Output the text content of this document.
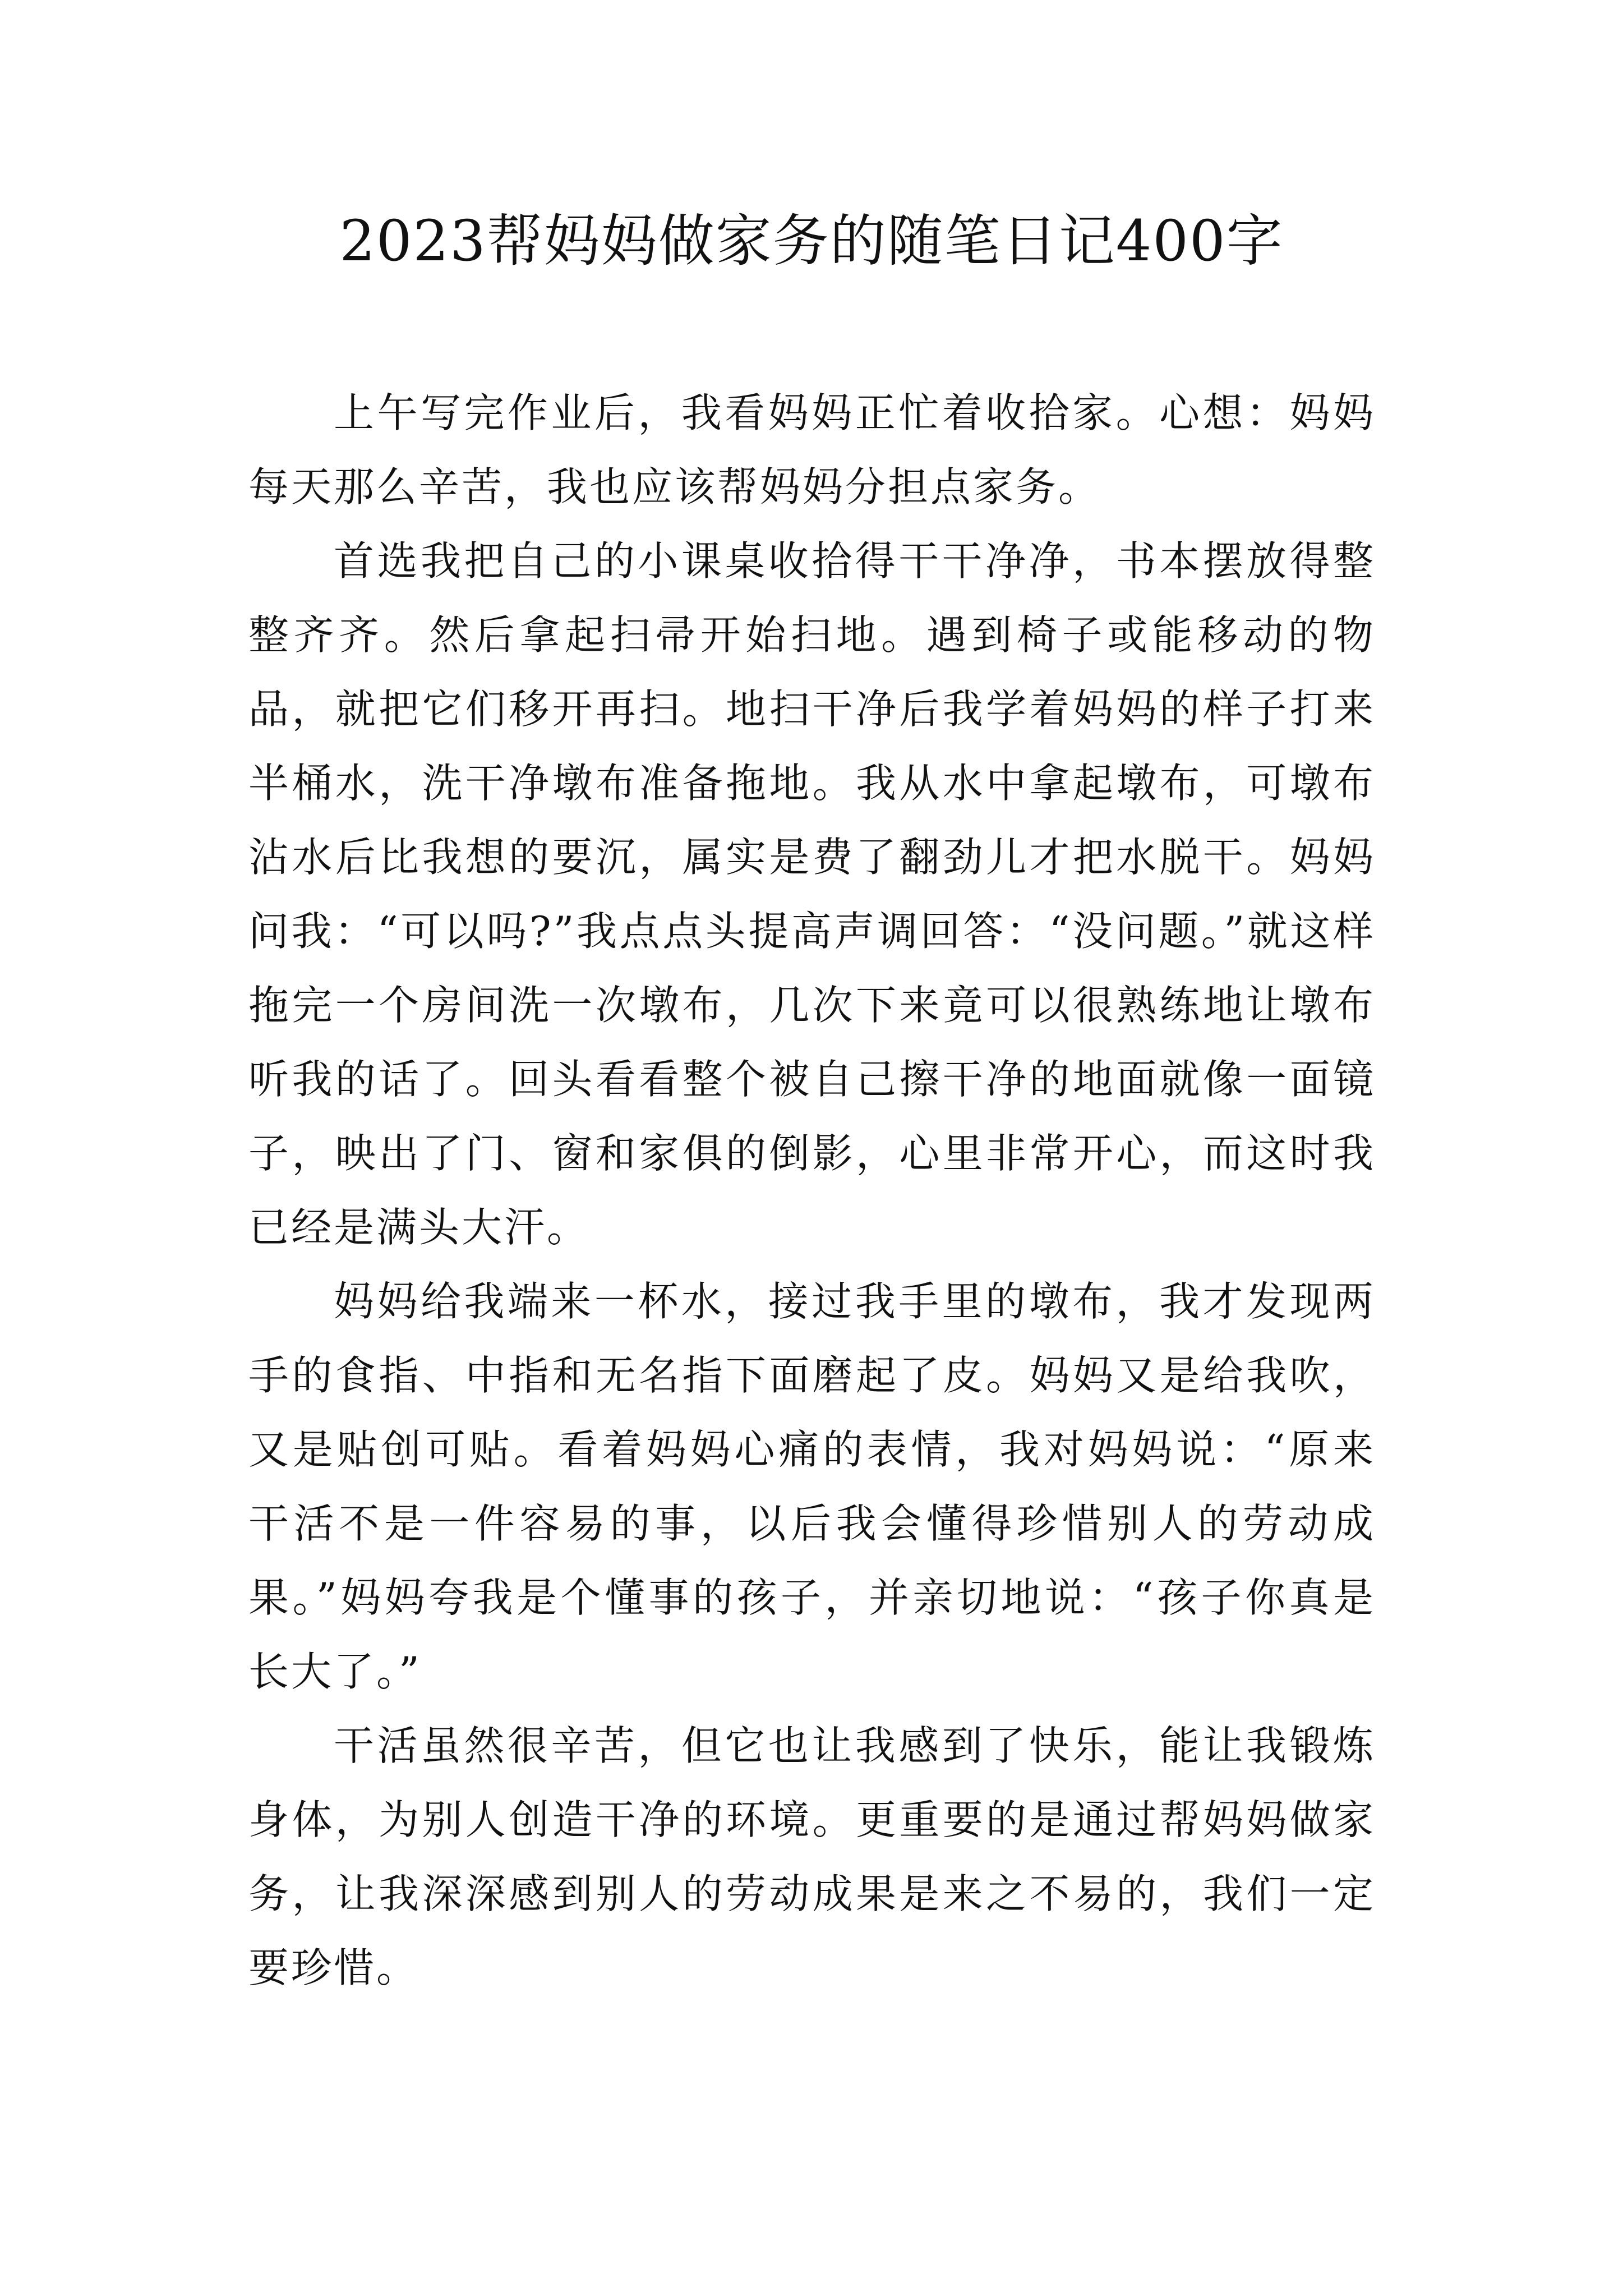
2023帮妈妈做家务的随笔日记400字

上午写完作业后，我看妈妈正忙着收拾家。心想：妈妈每天那么辛苦，我也应该帮妈妈分担点家务。

首选我把自己的小课桌收拾得干干净净，书本摆放得整整齐齐。然后拿起扫帚开始扫地。遇到椅子或能移动的物品，就把它们移开再扫。地扫干净后我学着妈妈的样子打来半桶水，洗干净墩布准备拖地。我从水中拿起墩布，可墩布沾水后比我想的要沉，属实是费了翻劲儿才把水脱干。妈妈问我：“可以吗?”我点点头提高声调回答：“没问题。”就这样拖完一个房间洗一次墩布，几次下来竟可以很熟练地让墩布听我的话了。回头看看整个被自己擦干净的地面就像一面镜子，映出了门、窗和家俱的倒影，心里非常开心，而这时我已经是满头大汗。

妈妈给我端来一杯水，接过我手里的墩布，我才发现两手的食指、中指和无名指下面磨起了皮。妈妈又是给我吹，又是贴创可贴。看着妈妈心痛的表情，我对妈妈说：“原来干活不是一件容易的事，以后我会懂得珍惜别人的劳动成果。”妈妈夸我是个懂事的孩子，并亲切地说：“孩子你真是长大了。”

干活虽然很辛苦，但它也让我感到了快乐，能让我锻炼身体，为别人创造干净的环境。更重要的是通过帮妈妈做家务，让我深深感到别人的劳动成果是来之不易的，我们一定要珍惜。
